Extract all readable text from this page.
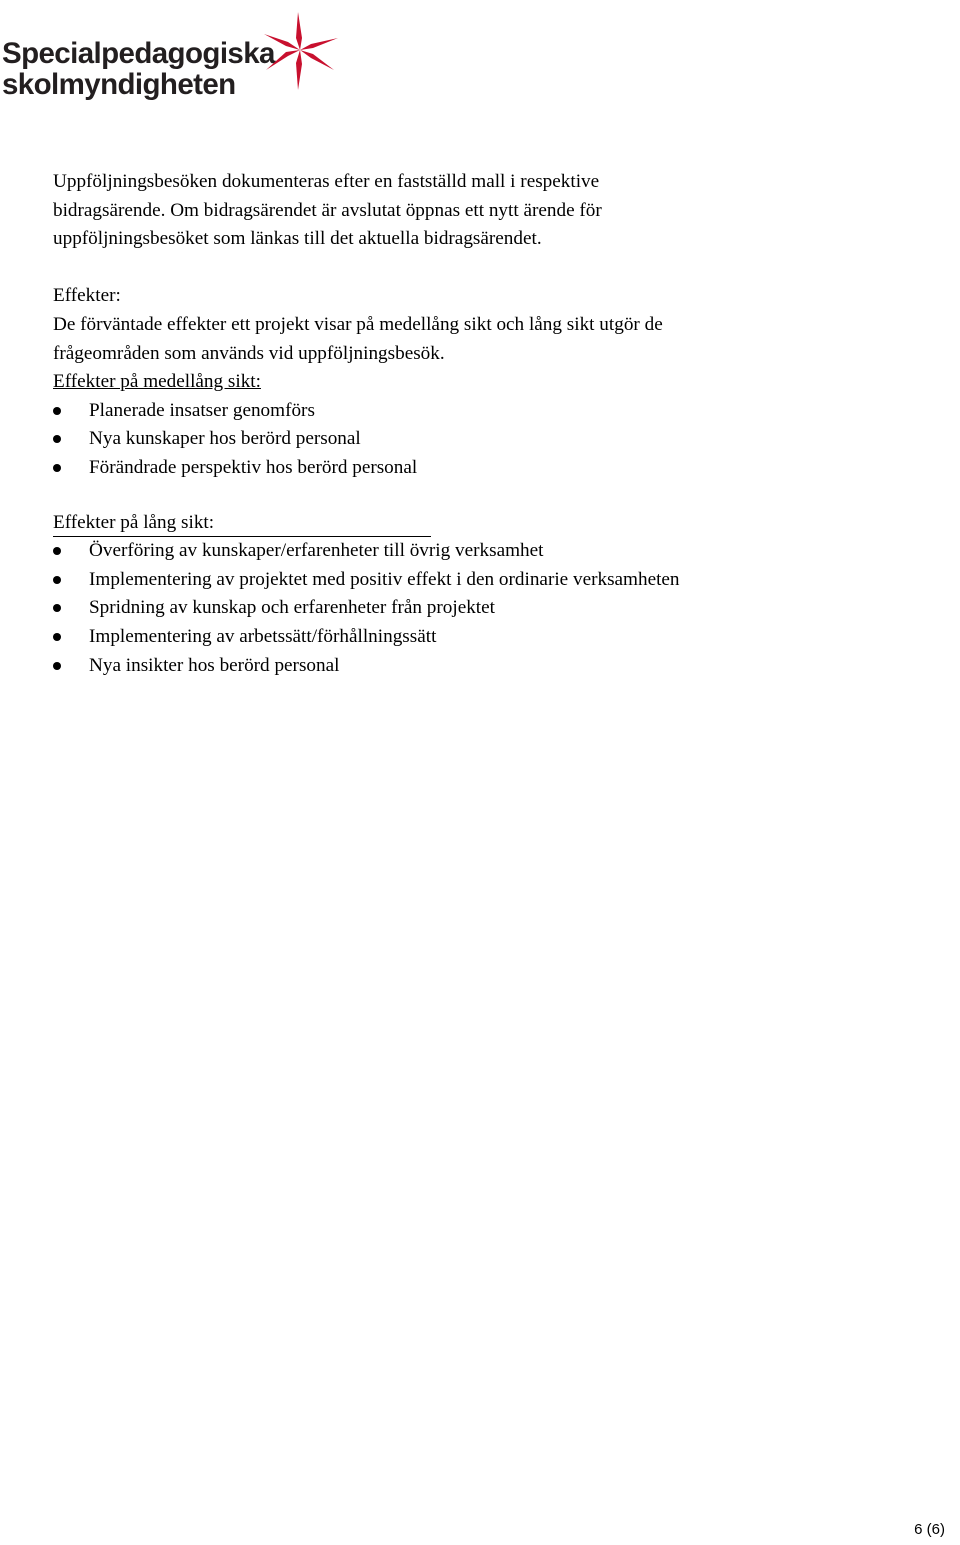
Specialpedagogiska
skolmyndigheten

Uppföljningsbesöken dokumenteras efter en fastställd mall i respektive

bidragsärende. Om bidragsärendet är avslutat öppnas ett nytt ärende för

uppföljningsbesöket som länkas till det aktuella bidragsärendet.

Effekter:

De förväntade effekter ett projekt visar på medellång sikt och lång sikt utgör de

frågeområden som används vid uppföljningsbesök.

Effekter på medellång sikt:

Planerade insatser genomförs
Nya kunskaper hos berörd personal
Förändrade perspektiv hos berörd personal

Effekter på lång sikt:

Överföring av kunskaper/erfarenheter till övrig verksamhet
Implementering av projektet med positiv effekt i den ordinarie verksamheten
Spridning av kunskap och erfarenheter från projektet
Implementering av arbetssätt/förhållningssätt
Nya insikter hos berörd personal
6 (6)
